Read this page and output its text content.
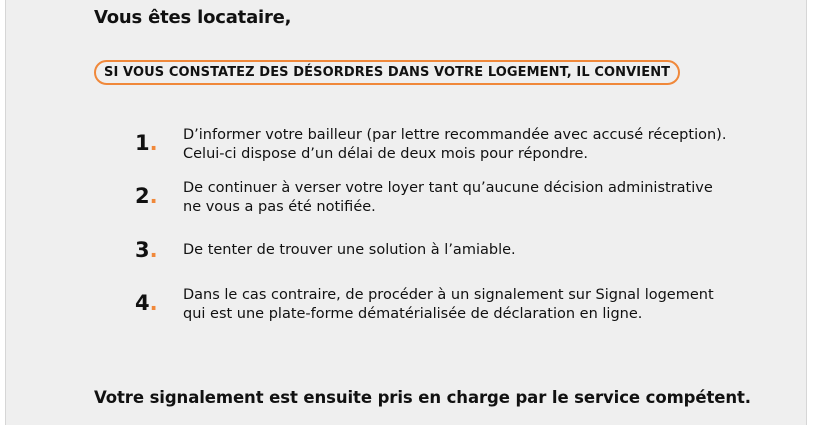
Vous êtes locataire,
SI VOUS CONSTATEZ DES DÉSORDRES DANS VOTRE LOGEMENT, IL CONVIENT
1. D’informer votre bailleur (par lettre recommandée avec accusé réception).
Celui-ci dispose d’un délai de deux mois pour répondre.
2. De continuer à verser votre loyer tant qu’aucune décision administrative
ne vous a pas été notifiée.
3. De tenter de trouver une solution à l’amiable.
4. Dans le cas contraire, de procéder à un signalement sur Signal logement
qui est une plate-forme dématérialisée de déclaration en ligne.
Votre signalement est ensuite pris en charge par le service compétent.
